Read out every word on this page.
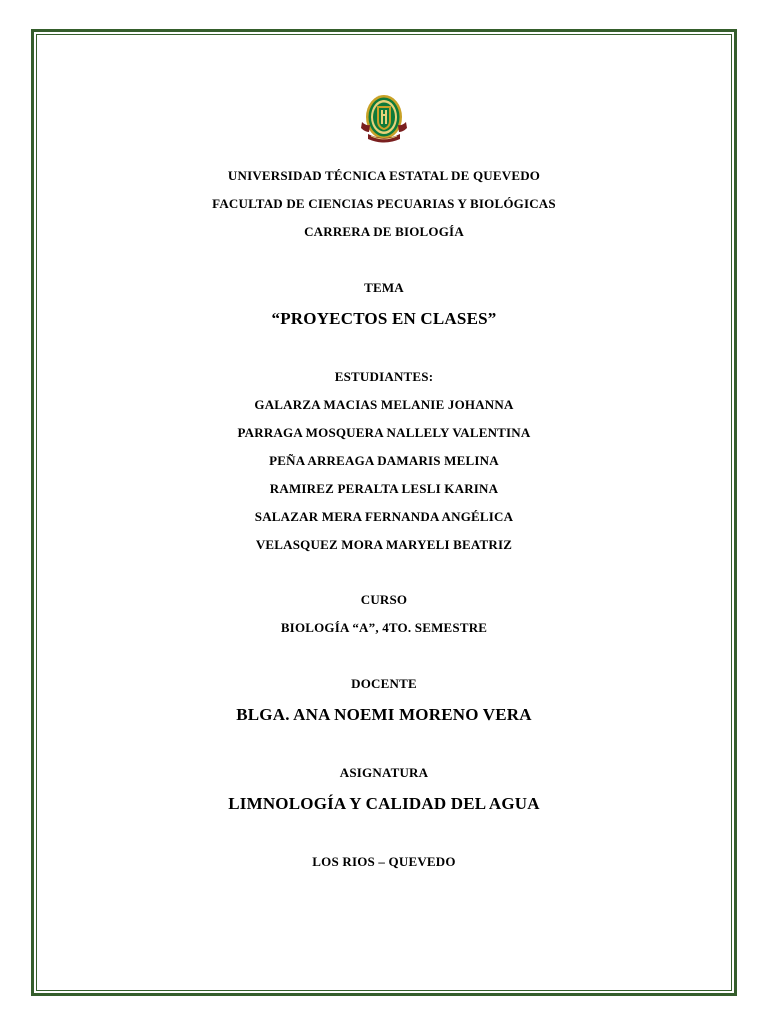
UNIVERSIDAD TÉCNICA ESTATAL DE QUEVEDO
FACULTAD DE CIENCIAS PECUARIAS Y BIOLÓGICAS
CARRERA DE BIOLOGÍA
TEMA
“PROYECTOS EN CLASES”
ESTUDIANTES:
GALARZA MACIAS MELANIE JOHANNA
PARRAGA MOSQUERA NALLELY VALENTINA
PEÑA ARREAGA DAMARIS MELINA
RAMIREZ PERALTA LESLI KARINA
SALAZAR MERA FERNANDA ANGÉLICA
VELASQUEZ MORA MARYELI BEATRIZ
CURSO
BIOLOGÍA “A”, 4TO. SEMESTRE
DOCENTE
BLGA. ANA NOEMI MORENO VERA
ASIGNATURA
LIMNOLOGÍA Y CALIDAD DEL AGUA
LOS RIOS – QUEVEDO
